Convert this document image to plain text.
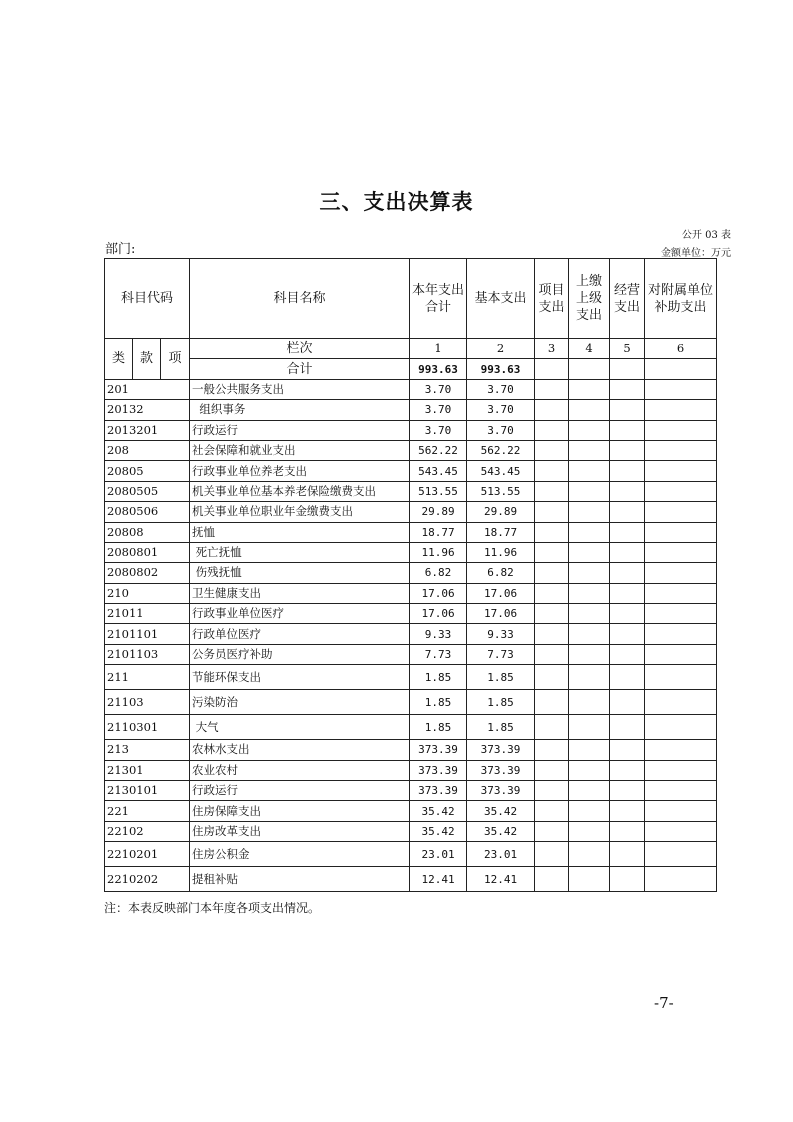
三、支出决算表
公开 03 表
部门:	金额单位：万元
科目代码			科目名称	本年支出合计	基本支出	项目支出	上缴上级支出	经营支出	对附属单位补助支出
类	款	项	栏次	1	2	3	4	5	6
			合计	993.63	993.63				
201			一般公共服务支出	3.70	3.70				
20132			组织事务	3.70	3.70				
2013201			行政运行	3.70	3.70				
208			社会保障和就业支出	562.22	562.22				
20805			行政事业单位养老支出	543.45	543.45				
2080505			机关事业单位基本养老保险缴费支出	513.55	513.55				
2080506			机关事业单位职业年金缴费支出	29.89	29.89				
20808			抚恤	18.77	18.77				
2080801			死亡抚恤	11.96	11.96				
2080802			伤残抚恤	6.82	6.82				
210			卫生健康支出	17.06	17.06				
21011			行政事业单位医疗	17.06	17.06				
2101101			行政单位医疗	9.33	9.33				
2101103			公务员医疗补助	7.73	7.73				
211			节能环保支出	1.85	1.85				
21103			污染防治	1.85	1.85				
2110301			大气	1.85	1.85				
213			农林水支出	373.39	373.39				
21301			农业农村	373.39	373.39				
2130101			行政运行	373.39	373.39				
221			住房保障支出	35.42	35.42				
22102			住房改革支出	35.42	35.42				
2210201			住房公积金	23.01	23.01				
2210202			提租补贴	12.41	12.41				
注：本表反映部门本年度各项支出情况。
-7-
